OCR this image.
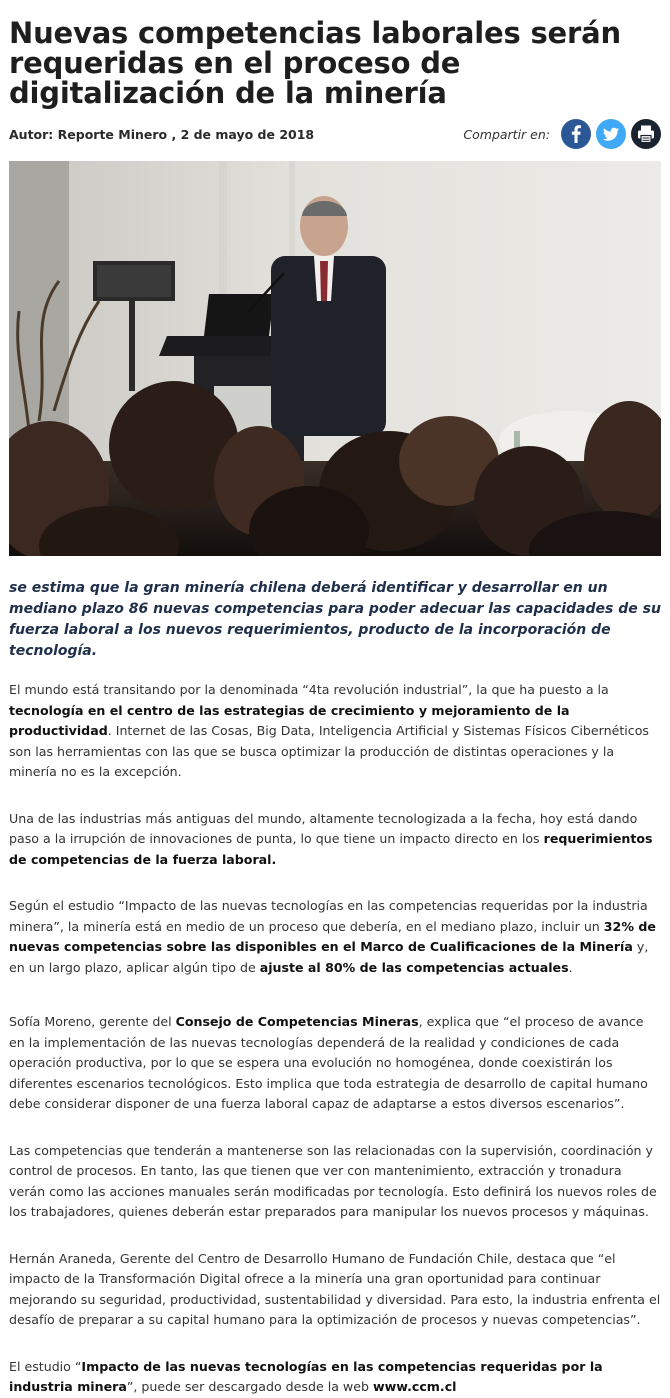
Nuevas competencias laborales serán requeridas en el proceso de digitalización de la minería
Autor: Reporte Minero , 2 de mayo de 2018	Compartir en:
se estima que la gran minería chilena deberá identificar y desarrollar en un mediano plazo 86 nuevas competencias para poder adecuar las capacidades de su fuerza laboral a los nuevos requerimientos, producto de la incorporación de tecnología.

El mundo está transitando por la denominada “4ta revolución industrial”, la que ha puesto a la tecnología en el centro de las estrategias de crecimiento y mejoramiento de la productividad. Internet de las Cosas, Big Data, Inteligencia Artificial y Sistemas Físicos Cibernéticos son las herramientas con las que se busca optimizar la producción de distintas operaciones y la minería no es la excepción.

Una de las industrias más antiguas del mundo, altamente tecnologizada a la fecha, hoy está dando paso a la irrupción de innovaciones de punta, lo que tiene un impacto directo en los requerimientos de competencias de la fuerza laboral.

Según el estudio “Impacto de las nuevas tecnologías en las competencias requeridas por la industria minera”, la minería está en medio de un proceso que debería, en el mediano plazo, incluir un 32% de nuevas competencias sobre las disponibles en el Marco de Cualificaciones de la Minería y, en un largo plazo, aplicar algún tipo de ajuste al 80% de las competencias actuales.

Sofía Moreno, gerente del Consejo de Competencias Mineras, explica que “el proceso de avance en la implementación de las nuevas tecnologías dependerá de la realidad y condiciones de cada operación productiva, por lo que se espera una evolución no homogénea, donde coexistirán los diferentes escenarios tecnológicos. Esto implica que toda estrategia de desarrollo de capital humano debe considerar disponer de una fuerza laboral capaz de adaptarse a estos diversos escenarios”.

Las competencias que tenderán a mantenerse son las relacionadas con la supervisión, coordinación y control de procesos. En tanto, las que tienen que ver con mantenimiento, extracción y tronadura verán como las acciones manuales serán modificadas por tecnología. Esto definirá los nuevos roles de los trabajadores, quienes deberán estar preparados para manipular los nuevos procesos y máquinas.

Hernán Araneda, Gerente del Centro de Desarrollo Humano de Fundación Chile, destaca que “el impacto de la Transformación Digital ofrece a la minería una gran oportunidad para continuar mejorando su seguridad, productividad, sustentabilidad y diversidad. Para esto, la industria enfrenta el desafío de preparar a su capital humano para la optimización de procesos y nuevas competencias”.

El estudio “Impacto de las nuevas tecnologías en las competencias requeridas por la industria minera”, puede ser descargado desde la web www.ccm.cl
